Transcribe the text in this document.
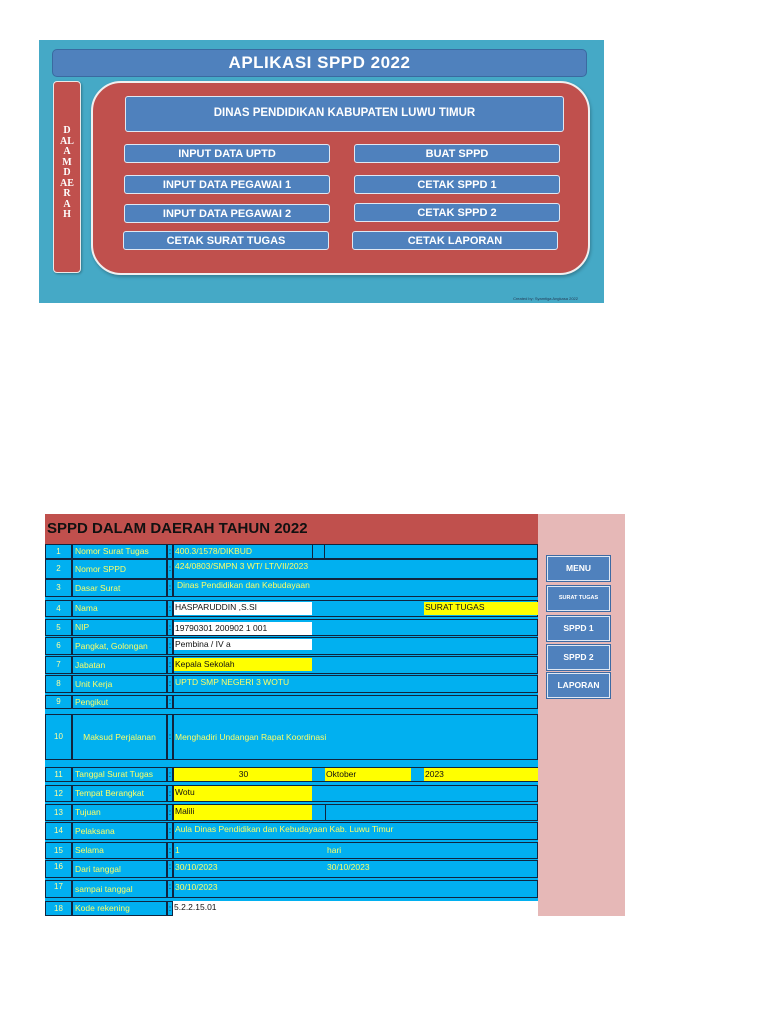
APLIKASI SPPD 2022
D
AL
A
M
D
AE
R
A
H
DINAS PENDIDIKAN KABUPATEN LUWU TIMUR
INPUT DATA UPTD
INPUT DATA PEGAWAI 1
INPUT DATA PEGAWAI 2
CETAK SURAT TUGAS
BUAT SPPD
CETAK SPPD 1
CETAK SPPD 2
CETAK LAPORAN
Created by: Syamtiga Angkasa 2022
SPPD DALAM DAERAH TAHUN 2022
1	Nomor Surat Tugas	: 400.3/1578/DIKBUD
2	Nomor SPPD	: 424/0803/SMPN 3 WT/ LT/VII/2023
3	Dasar Surat	: Dinas Pendidikan dan Kebudayaan
4	Nama	: HASPARUDDIN ,S.SI	SURAT TUGAS
5	NIP	: 19790301 200902 1 001
6	Pangkat, Golongan	: Pembina / IV a
7	Jabatan	: Kepala Sekolah
8	Unit Kerja	: UPTD SMP NEGERI 3 WOTU
9	Pengikut	:
10	Maksud Perjalanan	: Menghadiri Undangan Rapat Koordinasi
11	Tanggal Surat Tugas	:	30	Oktober	2023
12	Tempat Berangkat	: Wotu
13	Tujuan	: Malili
14	Pelaksana	: Aula Dinas Pendidikan dan Kebudayaan Kab. Luwu Timur
15	Selama	: 1	hari
16	Dari tanggal	: 30/10/2023	30/10/2023
17	sampai tanggal	: 30/10/2023
18	Kode rekening	: 5.2.2.15.01
MENU
SURAT TUGAS
SPPD 1
SPPD 2
LAPORAN
